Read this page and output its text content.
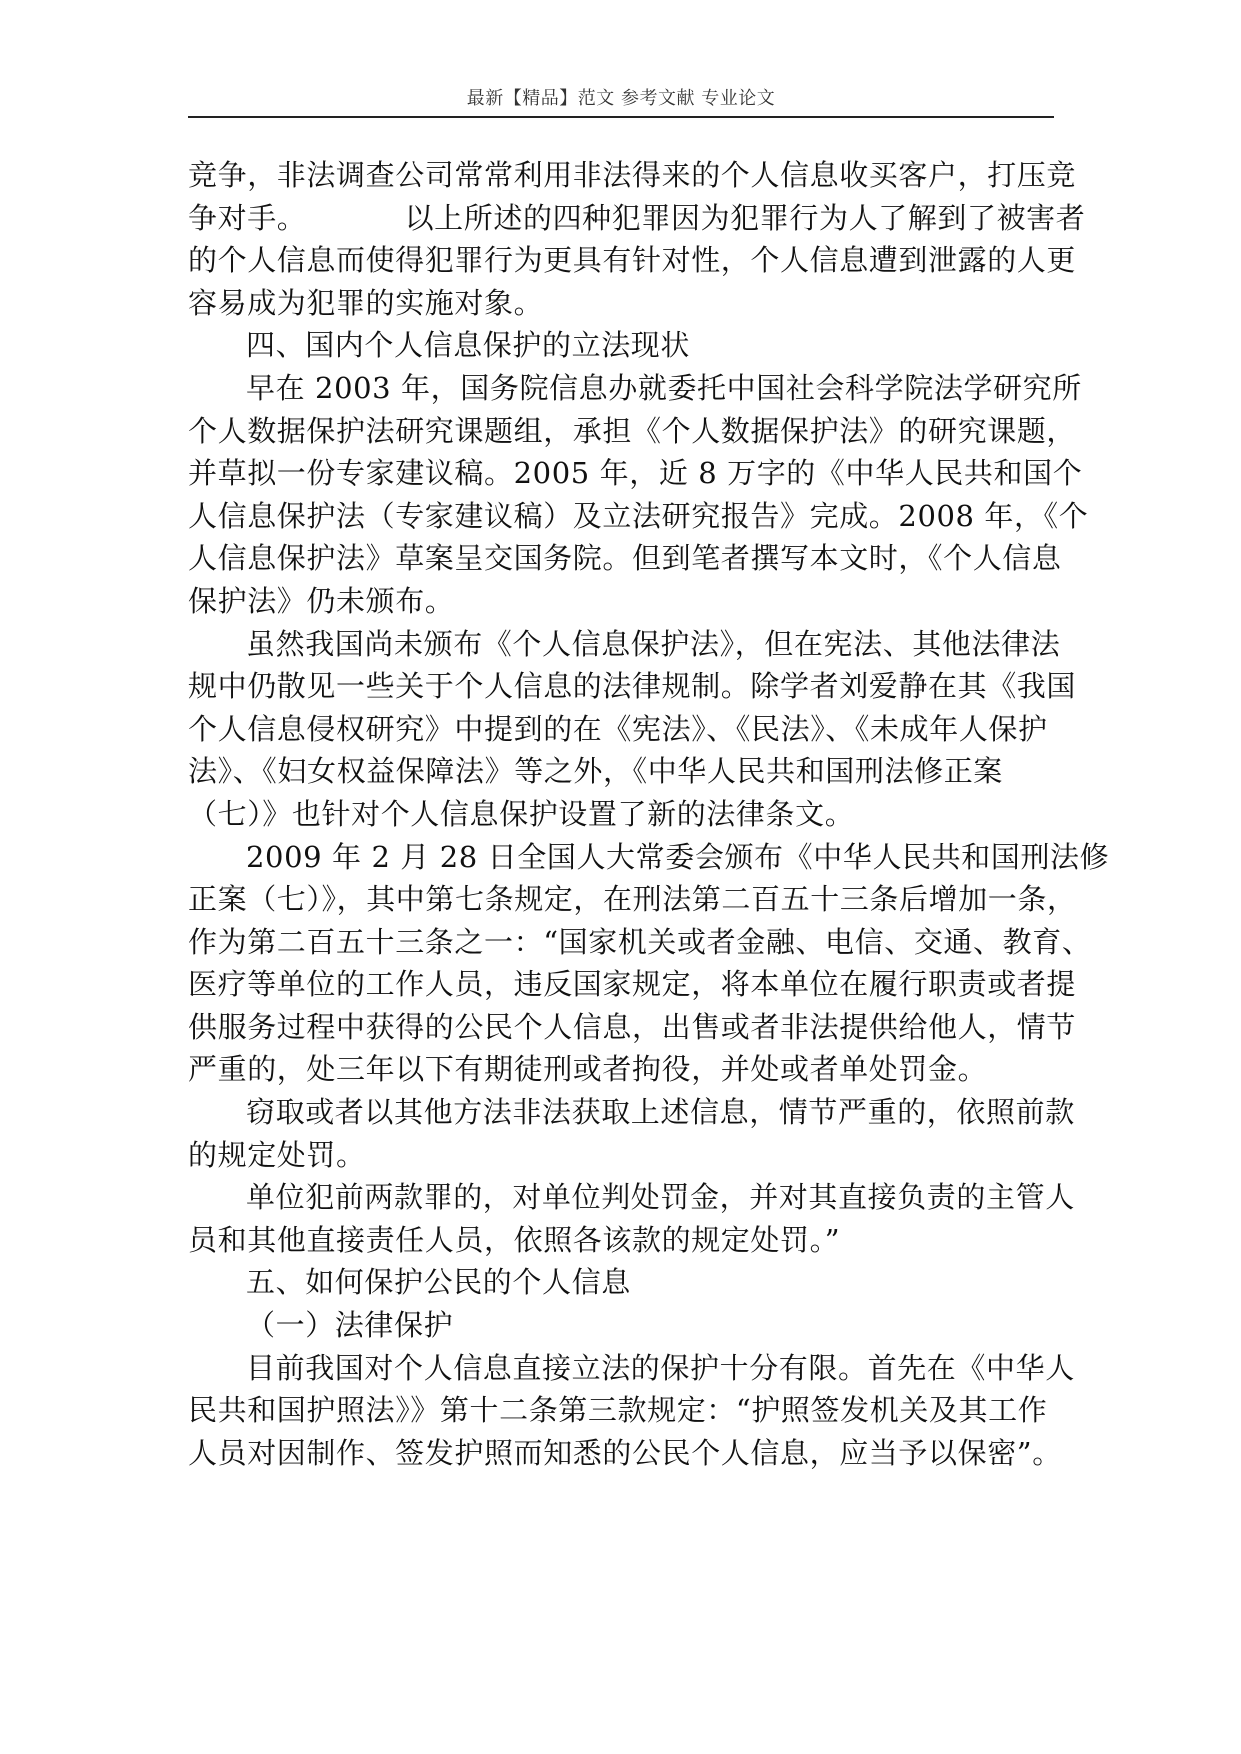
最新【精品】范文 参考文献 专业论文
竞争，非法调查公司常常利用非法得来的个人信息收买客户，打压竞
争对手。          以上所述的四种犯罪因为犯罪行为人了解到了被害者
的个人信息而使得犯罪行为更具有针对性，个人信息遭到泄露的人更
容易成为犯罪的实施对象。
四、国内个人信息保护的立法现状
早在 2003 年，国务院信息办就委托中国社会科学院法学研究所
个人数据保护法研究课题组，承担《个人数据保护法》的研究课题，
并草拟一份专家建议稿。2005 年，近 8 万字的《中华人民共和国个
人信息保护法（专家建议稿）及立法研究报告》完成。2008 年，《个
人信息保护法》草案呈交国务院。但到笔者撰写本文时，《个人信息
保护法》仍未颁布。
虽然我国尚未颁布《个人信息保护法》，但在宪法、其他法律法
规中仍散见一些关于个人信息的法律规制。除学者刘爱静在其《我国
个人信息侵权研究》中提到的在《宪法》、《民法》、《未成年人保护
法》、《妇女权益保障法》等之外，《中华人民共和国刑法修正案
（七）》也针对个人信息保护设置了新的法律条文。
2009 年 2 月 28 日全国人大常委会颁布《中华人民共和国刑法修
正案（七）》，其中第七条规定，在刑法第二百五十三条后增加一条，
作为第二百五十三条之一：“国家机关或者金融、电信、交通、教育、
医疗等单位的工作人员，违反国家规定，将本单位在履行职责或者提
供服务过程中获得的公民个人信息，出售或者非法提供给他人，情节
严重的，处三年以下有期徒刑或者拘役，并处或者单处罚金。
窃取或者以其他方法非法获取上述信息，情节严重的，依照前款
的规定处罚。
单位犯前两款罪的，对单位判处罚金，并对其直接负责的主管人
员和其他直接责任人员，依照各该款的规定处罚。”
五、如何保护公民的个人信息
（一）法律保护
目前我国对个人信息直接立法的保护十分有限。首先在《中华人
民共和国护照法》》第十二条第三款规定：“护照签发机关及其工作
人员对因制作、签发护照而知悉的公民个人信息，应当予以保密”。
